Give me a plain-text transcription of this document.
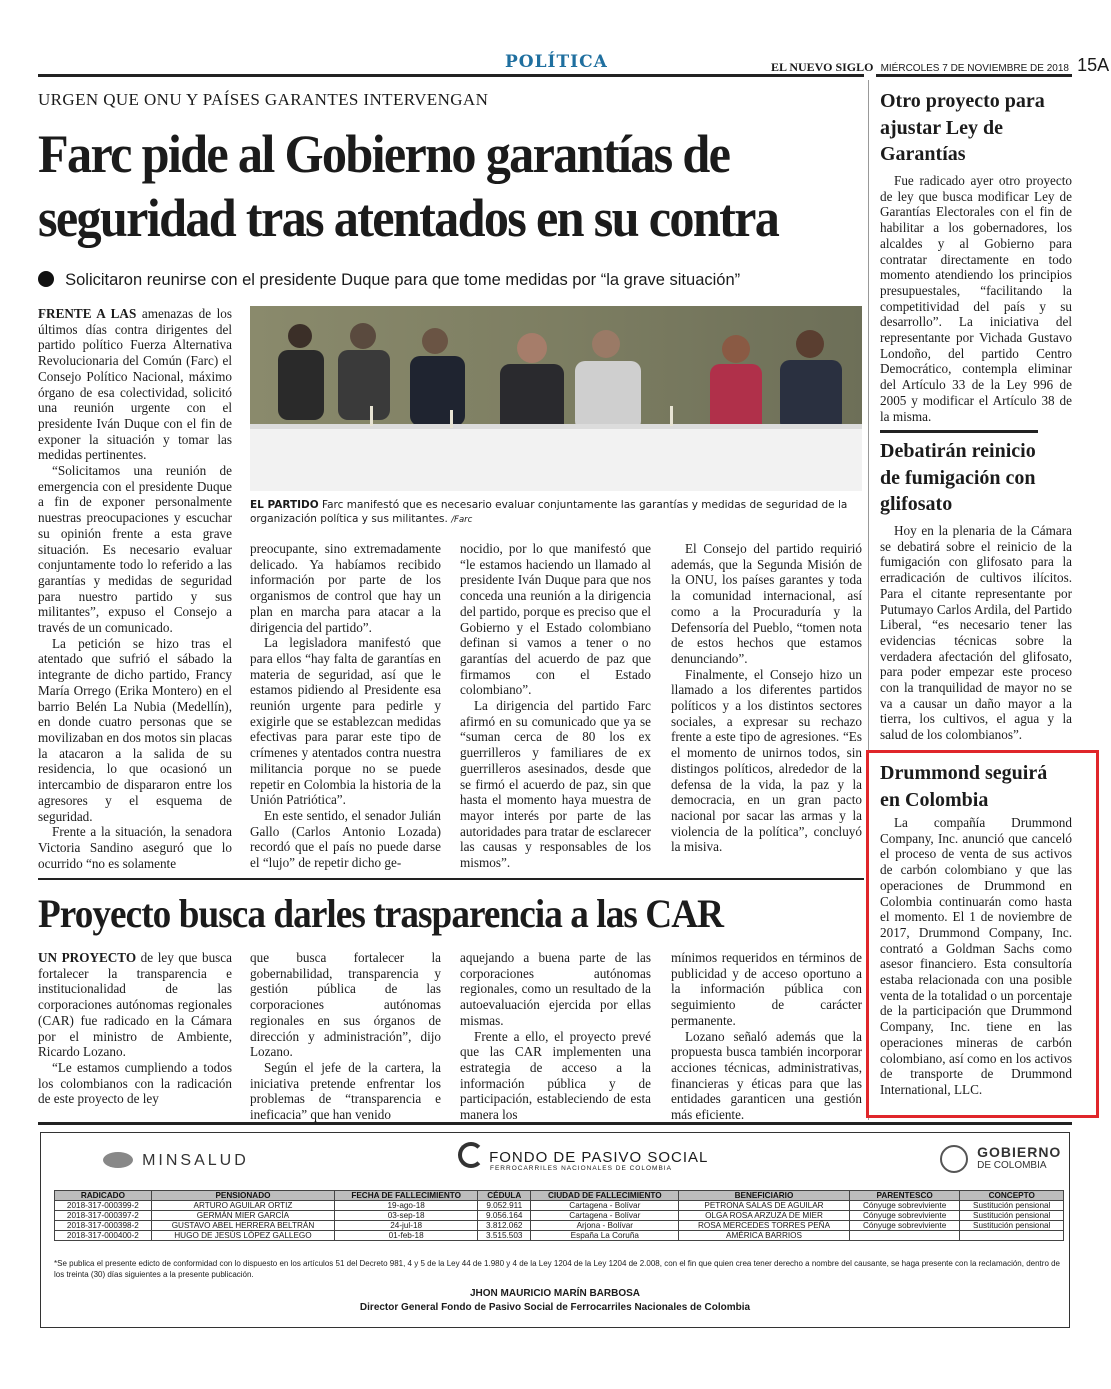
POLÍTICA	EL NUEVO SIGLO MIÉRCOLES 7 DE NOVIEMBRE DE 2018 15A
URGEN QUE ONU Y PAÍSES GARANTES INTERVENGAN
Farc pide al Gobierno garantías de
seguridad tras atentados en su contra
Solicitaron reunirse con el presidente Duque para que tome medidas por “la grave situación”

FRENTE A LAS amenazas de los últimos días contra dirigentes del partido político Fuerza Alternativa Revolucionaria del Común (Farc) el Consejo Político Nacional, máximo órgano de esa colectividad, solicitó una reunión urgente con el presidente Iván Duque con el fin de exponer la situación y tomar las medidas pertinentes.

“Solicitamos una reunión de emergencia con el presidente Duque a fin de exponer personalmente nuestras preocupaciones y escuchar su opinión frente a esta grave situación. Es necesario evaluar conjuntamente todo lo referido a las garantías y medidas de seguridad para nuestro partido y sus militantes”, expuso el Consejo a través de un comunicado.

La petición se hizo tras el atentado que sufrió el sábado la integrante de dicho partido, Francy María Orrego (Erika Montero) en el barrio Belén La Nubia (Medellín), en donde cuatro personas que se movilizaban en dos motos sin placas la atacaron a la salida de su residencia, lo que ocasionó un intercambio de dispararon entre los agresores y el esquema de seguridad.

Frente a la situación, la senadora Victoria Sandino aseguró que lo ocurrido “no es solamente

EL PARTIDO Farc manifestó que es necesario evaluar conjuntamente las garantías y medidas de seguridad de la organización política y sus militantes. /Farc

preocupante, sino extremadamente delicado. Ya habíamos recibido información por parte de los organismos de control que hay un plan en marcha para atacar a la dirigencia del partido”.

La legisladora manifestó que para ellos “hay falta de garantías en materia de seguridad, así que le estamos pidiendo al Presidente esa reunión urgente para pedirle y exigirle que se establezcan medidas efectivas para parar este tipo de crímenes y atentados contra nuestra militancia porque no se puede repetir en Colombia la historia de la Unión Patriótica”.

En este sentido, el senador Julián Gallo (Carlos Antonio Lozada) recordó que el país no puede darse el “lujo” de repetir dicho ge-

nocidio, por lo que manifestó que “le estamos haciendo un llamado al presidente Iván Duque para que nos conceda una reunión a la dirigencia del partido, porque es preciso que el Gobierno y el Estado colombiano definan si vamos a tener o no garantías del acuerdo de paz que firmamos con el Estado colombiano”.

La dirigencia del partido Farc afirmó en su comunicado que ya se “suman cerca de 80 los ex guerrilleros y familiares de ex guerrilleros asesinados, desde que se firmó el acuerdo de paz, sin que hasta el momento haya muestra de mayor interés por parte de las autoridades para tratar de esclarecer las causas y responsables de los mismos”.

El Consejo del partido requirió además, que la Segunda Misión de la ONU, los países garantes y toda la comunidad internacional, así como a la Procuraduría y la Defensoría del Pueblo, “tomen nota de estos hechos que estamos denunciando”.

Finalmente, el Consejo hizo un llamado a los diferentes partidos políticos y a los distintos sectores sociales, a expresar su rechazo frente a este tipo de agresiones. “Es el momento de unirnos todos, sin distingos políticos, alrededor de la defensa de la vida, la paz y la democracia, en un gran pacto nacional por sacar las armas y la violencia de la política”, concluyó la misiva.

Proyecto busca darles trasparencia a las CAR

UN PROYECTO de ley que busca fortalecer la transparencia e institucionalidad de las corporaciones autónomas regionales (CAR) fue radicado en la Cámara por el ministro de Ambiente, Ricardo Lozano.

“Le estamos cumpliendo a todos los colombianos con la radicación de este proyecto de ley

que busca fortalecer la gobernabilidad, transparencia y gestión pública de las corporaciones autónomas regionales en sus órganos de dirección y administración”, dijo Lozano.

Según el jefe de la cartera, la iniciativa pretende enfrentar los problemas de “transparencia e ineficacia” que han venido

aquejando a buena parte de las corporaciones autónomas regionales, como un resultado de la autoevaluación ejercida por ellas mismas.

Frente a ello, el proyecto prevé que las CAR implementen una estrategia de acceso a la información pública y de participación, estableciendo de esta manera los

mínimos requeridos en términos de publicidad y de acceso oportuno a la información pública con seguimiento de carácter permanente.

Lozano señaló además que la propuesta busca también incorporar acciones técnicas, administrativas, financieras y éticas para que las entidades garanticen una gestión más eficiente.

Otro proyecto para ajustar Ley de Garantías

Fue radicado ayer otro proyecto de ley que busca modificar Ley de Garantías Electorales con el fin de habilitar a los gobernadores, los alcaldes y al Gobierno para contratar directamente en todo momento atendiendo los principios presupuestales, “facilitando la competitividad del país y su desarrollo”. La iniciativa del representante por Vichada Gustavo Londoño, del partido Centro Democrático, contempla eliminar del Artículo 33 de la Ley 996 de 2005 y modificar el Artículo 38 de la misma.

Debatirán reinicio de fumigación con glifosato

Hoy en la plenaria de la Cámara se debatirá sobre el reinicio de la fumigación con glifosato para la erradicación de cultivos ilícitos. Para el citante representante por Putumayo Carlos Ardila, del Partido Liberal, “es necesario tener las evidencias técnicas sobre la verdadera afectación del glifosato, para poder empezar este proceso con la tranquilidad de mayor no se va a causar un daño mayor a la tierra, los cultivos, el agua y la salud de los colombianos”.

Drummond seguirá en Colombia

La compañía Drummond Company, Inc. anunció que canceló el proceso de venta de sus activos de carbón colombiano y que las operaciones de Drummond en Colombia continuarán como hasta el momento. El 1 de noviembre de 2017, Drummond Company, Inc. contrató a Goldman Sachs como asesor financiero. Esta consultoría estaba relacionada con una posible venta de la totalidad o un porcentaje de la participación que Drummond Company, Inc. tiene en las operaciones mineras de carbón colombiano, así como en los activos de transporte de Drummond International, LLC.

MINSALUD	FONDO DE PASIVO SOCIAL
FERROCARRILES NACIONALES DE COLOMBIA

GOBIERNO
DE COLOMBIA
RADICADO	PENSIONADO	FECHA DE FALLECIMIENTO	CÉDULA	CIUDAD DE FALLECIMIENTO	BENEFICIARIO	PARENTESCO	CONCEPTO
2018-317-000399-2	ARTURO AGUILAR ORTIZ	19-ago-18	9.052.911	Cartagena - Bolívar	PETRONA SALAS DE AGUILAR	Cónyuge sobreviviente	Sustitución pensional
2018-317-000397-2	GERMÁN MIER GARCÍA	03-sep-18	9.056.164	Cartagena - Bolívar	OLGA ROSA ARZUZA DE MIER	Cónyuge sobreviviente	Sustitución pensional
2018-317-000398-2	GUSTAVO ABEL HERRERA BELTRÁN	24-jul-18	3.812.062	Arjona - Bolívar	ROSA MERCEDES TORRES PEÑA	Cónyuge sobreviviente	Sustitución pensional
2018-317-000400-2	HUGO DE JESÚS LÓPEZ GALLEGO	01-feb-18	3.515.503	España La Coruña	AMÉRICA BARRIOS		
*Se publica el presente edicto de conformidad con lo dispuesto en los artículos 51 del Decreto 981, 4 y 5 de la Ley 44 de 1.980 y 4 de la Ley 1204 de la Ley 1204 de 2.008, con el fin que quien crea tener derecho a nombre del causante, se haga presente con la reclamación, dentro de los treinta (30) días siguientes a la presente publicación.
JHON MAURICIO MARÍN BARBOSA
Director General Fondo de Pasivo Social de Ferrocarriles Nacionales de Colombia
